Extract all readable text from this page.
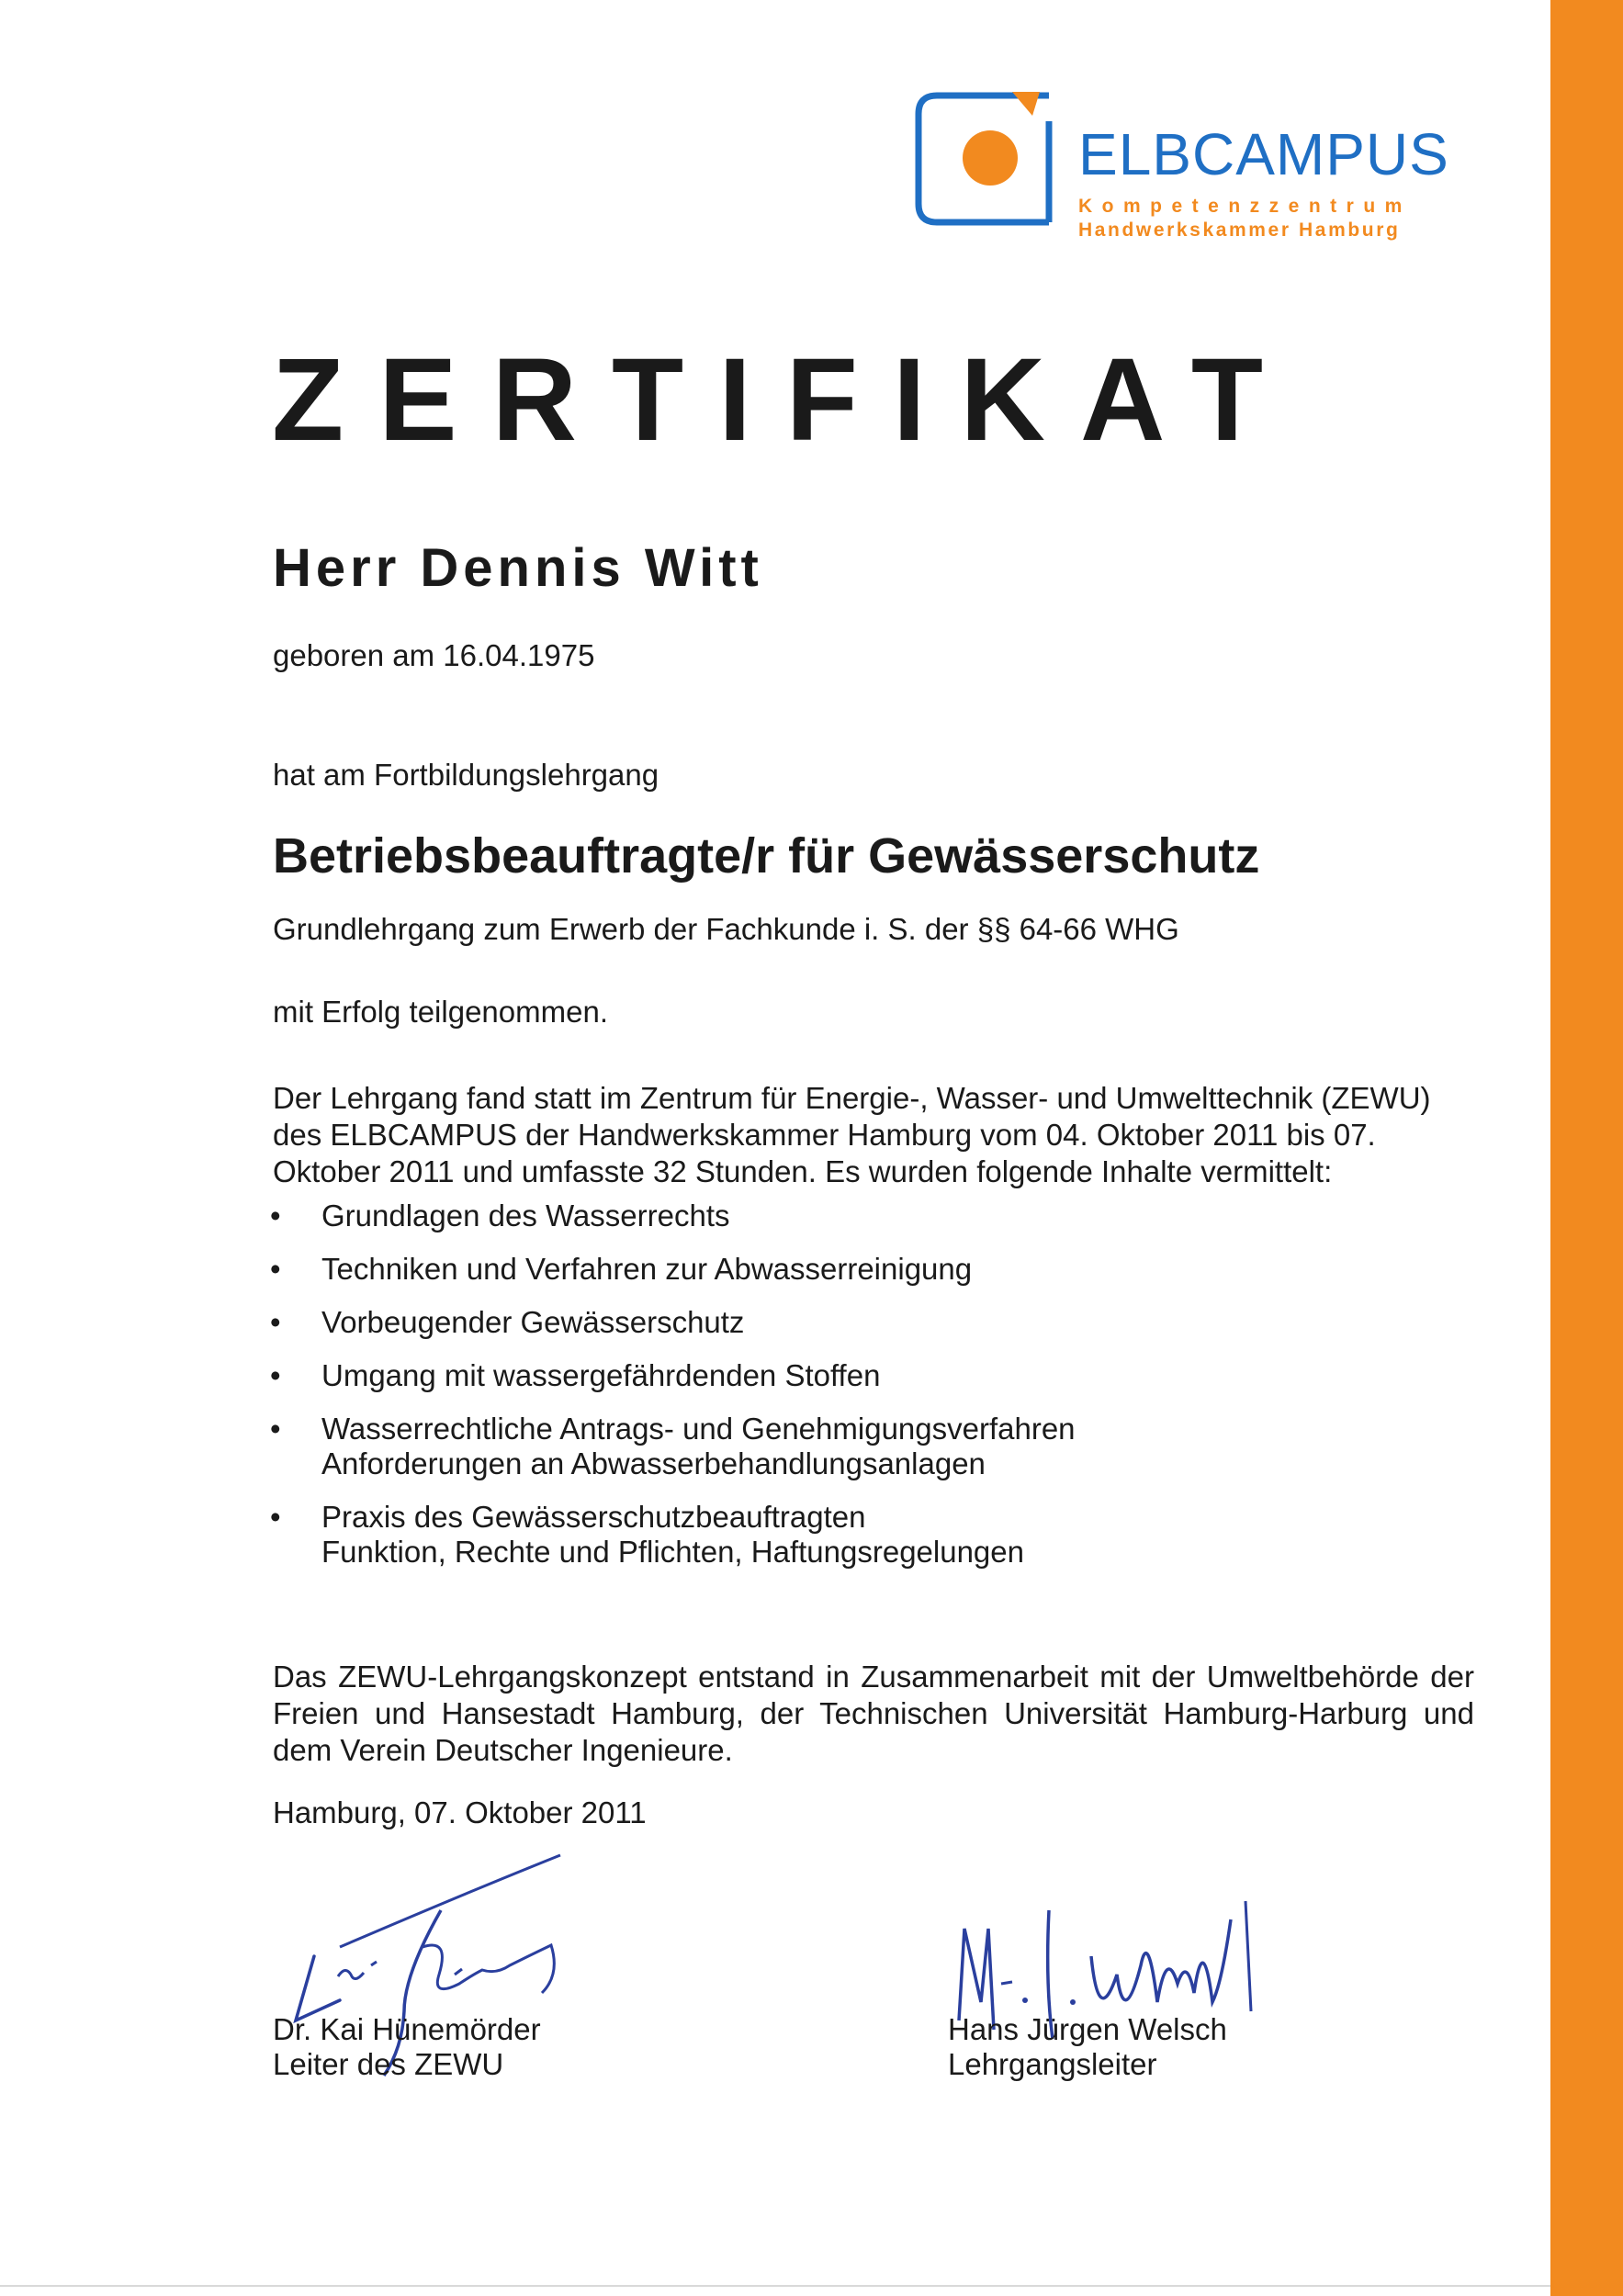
ELBCAMPUS
Kompetenzzentrum
Handwerkskammer Hamburg
ZERTIFIKAT
Herr Dennis Witt
geboren am 16.04.1975
hat am Fortbildungslehrgang
Betriebsbeauftragte/r für Gewässerschutz
Grundlehrgang zum Erwerb der Fachkunde i. S. der §§ 64-66 WHG
mit Erfolg teilgenommen.
Der Lehrgang fand statt im Zentrum für Energie-, Wasser- und Umwelttechnik (ZEWU)
des ELBCAMPUS der Handwerkskammer Hamburg vom 04. Oktober 2011 bis 07.
Oktober 2011 und umfasste 32 Stunden. Es wurden folgende Inhalte vermittelt:
• Grundlagen des Wasserrechts
• Techniken und Verfahren zur Abwasserreinigung
• Vorbeugender Gewässerschutz
• Umgang mit wassergefährdenden Stoffen
• Wasserrechtliche Antrags- und Genehmigungsverfahren
Anforderungen an Abwasserbehandlungsanlagen
• Praxis des Gewässerschutzbeauftragten
Funktion, Rechte und Pflichten, Haftungsregelungen
Das ZEWU-Lehrgangskonzept entstand in Zusammenarbeit mit der Umweltbehörde der
Freien und Hansestadt Hamburg, der Technischen Universität Hamburg-Harburg und
dem Verein Deutscher Ingenieure.
Hamburg, 07. Oktober 2011
Dr. Kai Hünemörder
Leiter des ZEWU
Hans Jürgen Welsch
Lehrgangsleiter
